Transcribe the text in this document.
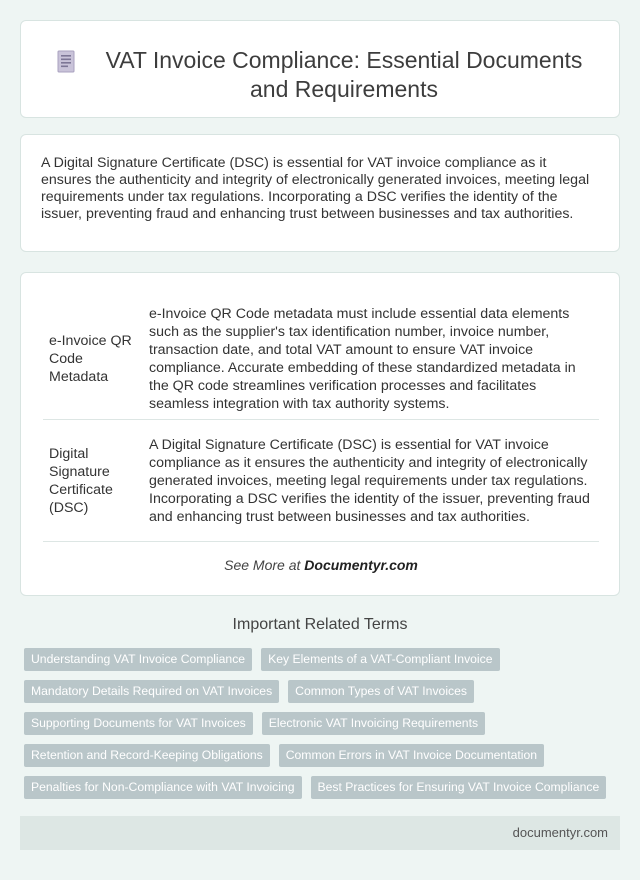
VAT Invoice Compliance: Essential Documents and Requirements

A Digital Signature Certificate (DSC) is essential for VAT invoice compliance as it ensures the authenticity and integrity of electronically generated invoices, meeting legal requirements under tax regulations. Incorporating a DSC verifies the identity of the issuer, preventing fraud and enhancing trust between businesses and tax authorities.

e-Invoice QR Code Metadata	e-Invoice QR Code metadata must include essential data elements such as the supplier's tax identification number, invoice number, transaction date, and total VAT amount to ensure VAT invoice compliance. Accurate embedding of these standardized metadata in the QR code streamlines verification processes and facilitates seamless integration with tax authority systems.
Digital Signature Certificate (DSC)	A Digital Signature Certificate (DSC) is essential for VAT invoice compliance as it ensures the authenticity and integrity of electronically generated invoices, meeting legal requirements under tax regulations. Incorporating a DSC verifies the identity of the issuer, preventing fraud and enhancing trust between businesses and tax authorities.
See More at Documentyr.com
Important Related Terms
Understanding VAT Invoice Compliance	Key Elements of a VAT-Compliant Invoice
Mandatory Details Required on VAT Invoices	Common Types of VAT Invoices
Supporting Documents for VAT Invoices	Electronic VAT Invoicing Requirements
Retention and Record-Keeping Obligations	Common Errors in VAT Invoice Documentation
Penalties for Non-Compliance with VAT Invoicing	Best Practices for Ensuring VAT Invoice Compliance
documentyr.com
